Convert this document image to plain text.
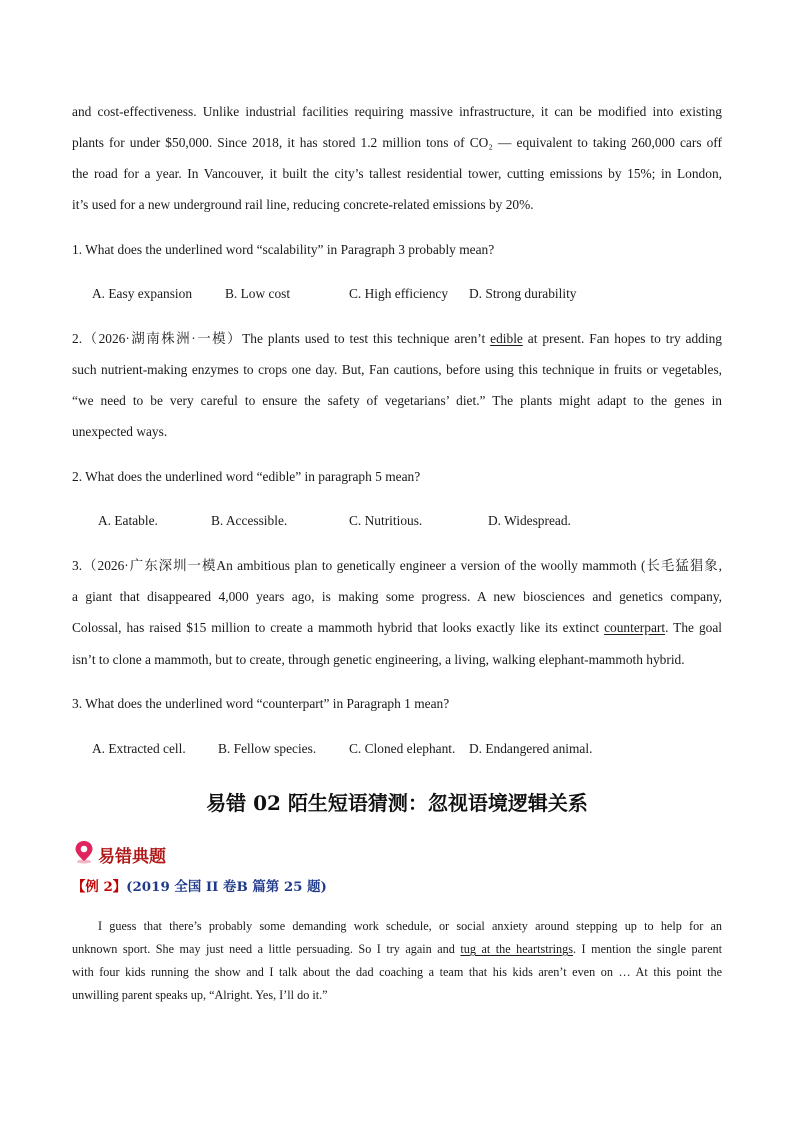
and cost-effectiveness. Unlike industrial facilities requiring massive infrastructure, it can be modified into existing
plants for under $50,000. Since 2018, it has stored 1.2 million tons of CO₂ — equivalent to taking 260,000 cars off
the road for a year. In Vancouver, it built the city’s tallest residential tower, cutting emissions by 15%; in London,
it’s used for a new underground rail line, reducing concrete-related emissions by 20%.
1. What does the underlined word “scalability” in Paragraph 3 probably mean?
A. Easy expansion B. Low cost	C. High efficiency D. Strong durability
2.（2026·湖南株洲·一模）The plants used to test this technique aren’t edible at present. Fan hopes to try adding
such nutrient-making enzymes to crops one day. But, Fan cautions, before using this technique in fruits or vegetables,
“we need to be very careful to ensure the safety of vegetarians’ diet.” The plants might adapt to the genes in
unexpected ways.
2. What does the underlined word “edible” in paragraph 5 mean?
A. Eatable.	B. Accessible.	C. Nutritious.	D. Widespread.
3.（2026·广东深圳一模An ambitious plan to genetically engineer a version of the woolly mammoth (长毛猛猖象,
a giant that disappeared 4,000 years ago, is making some progress. A new biosciences and genetics company,
Colossal, has raised $15 million to create a mammoth hybrid that looks exactly like its extinct counterpart. The goal
isn’t to clone a mammoth, but to create, through genetic engineering, a living, walking elephant-mammoth hybrid.
3. What does the underlined word “counterpart” in Paragraph 1 mean?
A. Extracted cell. B. Fellow species. C. Cloned elephant. D. Endangered animal.
易错 02 陌生短语猜测：忽视语境逻辑关系
易错典题
【例 2】(2019 全国 II 卷B 篇第 25 题)
I guess that there’s probably some demanding work schedule, or social anxiety around stepping up to help for an
unknown sport. She may just need a little persuading. So I try again and tug at the heartstrings. I mention the single parent
with four kids running the show and I talk about the dad coaching a team that his kids aren’t even on … At this point the
unwilling parent speaks up, “Alright. Yes, I’ll do it.”
